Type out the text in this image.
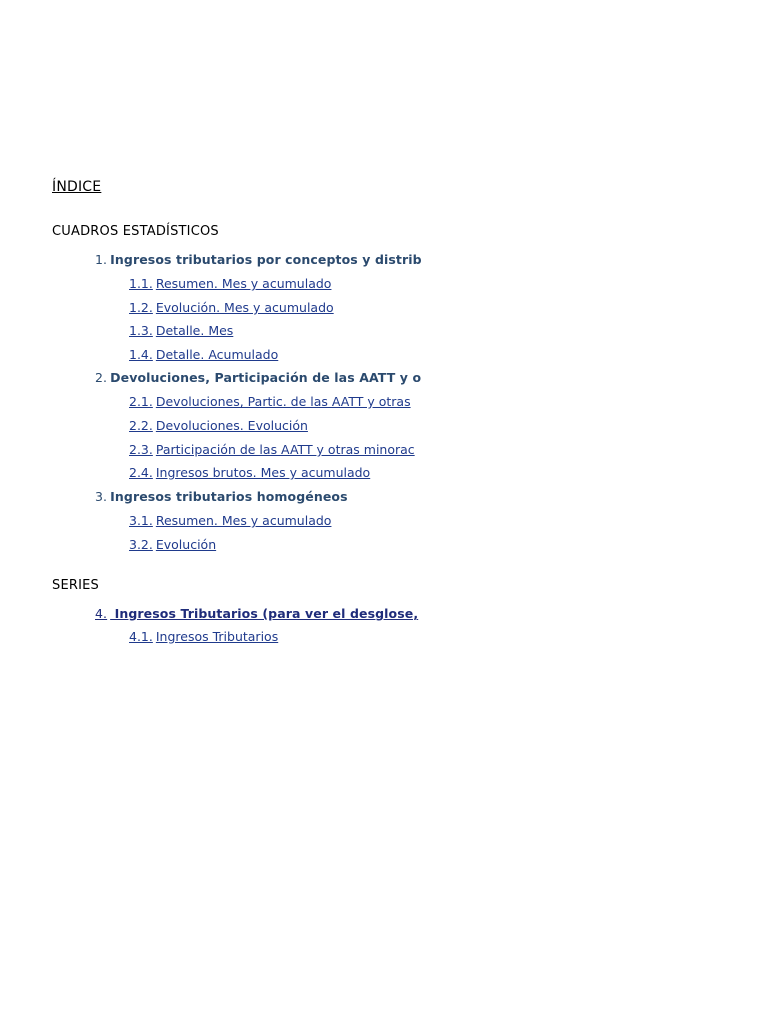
ÍNDICE
CUADROS ESTADÍSTICOS
1. Ingresos tributarios por conceptos y distrib
1.1. Resumen. Mes y acumulado
1.2. Evolución. Mes y acumulado
1.3. Detalle. Mes
1.4. Detalle. Acumulado
2. Devoluciones, Participación de las AATT y o
2.1. Devoluciones, Partic. de las AATT y otras
2.2. Devoluciones. Evolución
2.3. Participación de las AATT y otras minorac
2.4. Ingresos brutos. Mes y acumulado
3. Ingresos tributarios homogéneos
3.1. Resumen. Mes y acumulado
3.2. Evolución
SERIES
4. Ingresos Tributarios (para ver el desglose,
4.1. Ingresos Tributarios
